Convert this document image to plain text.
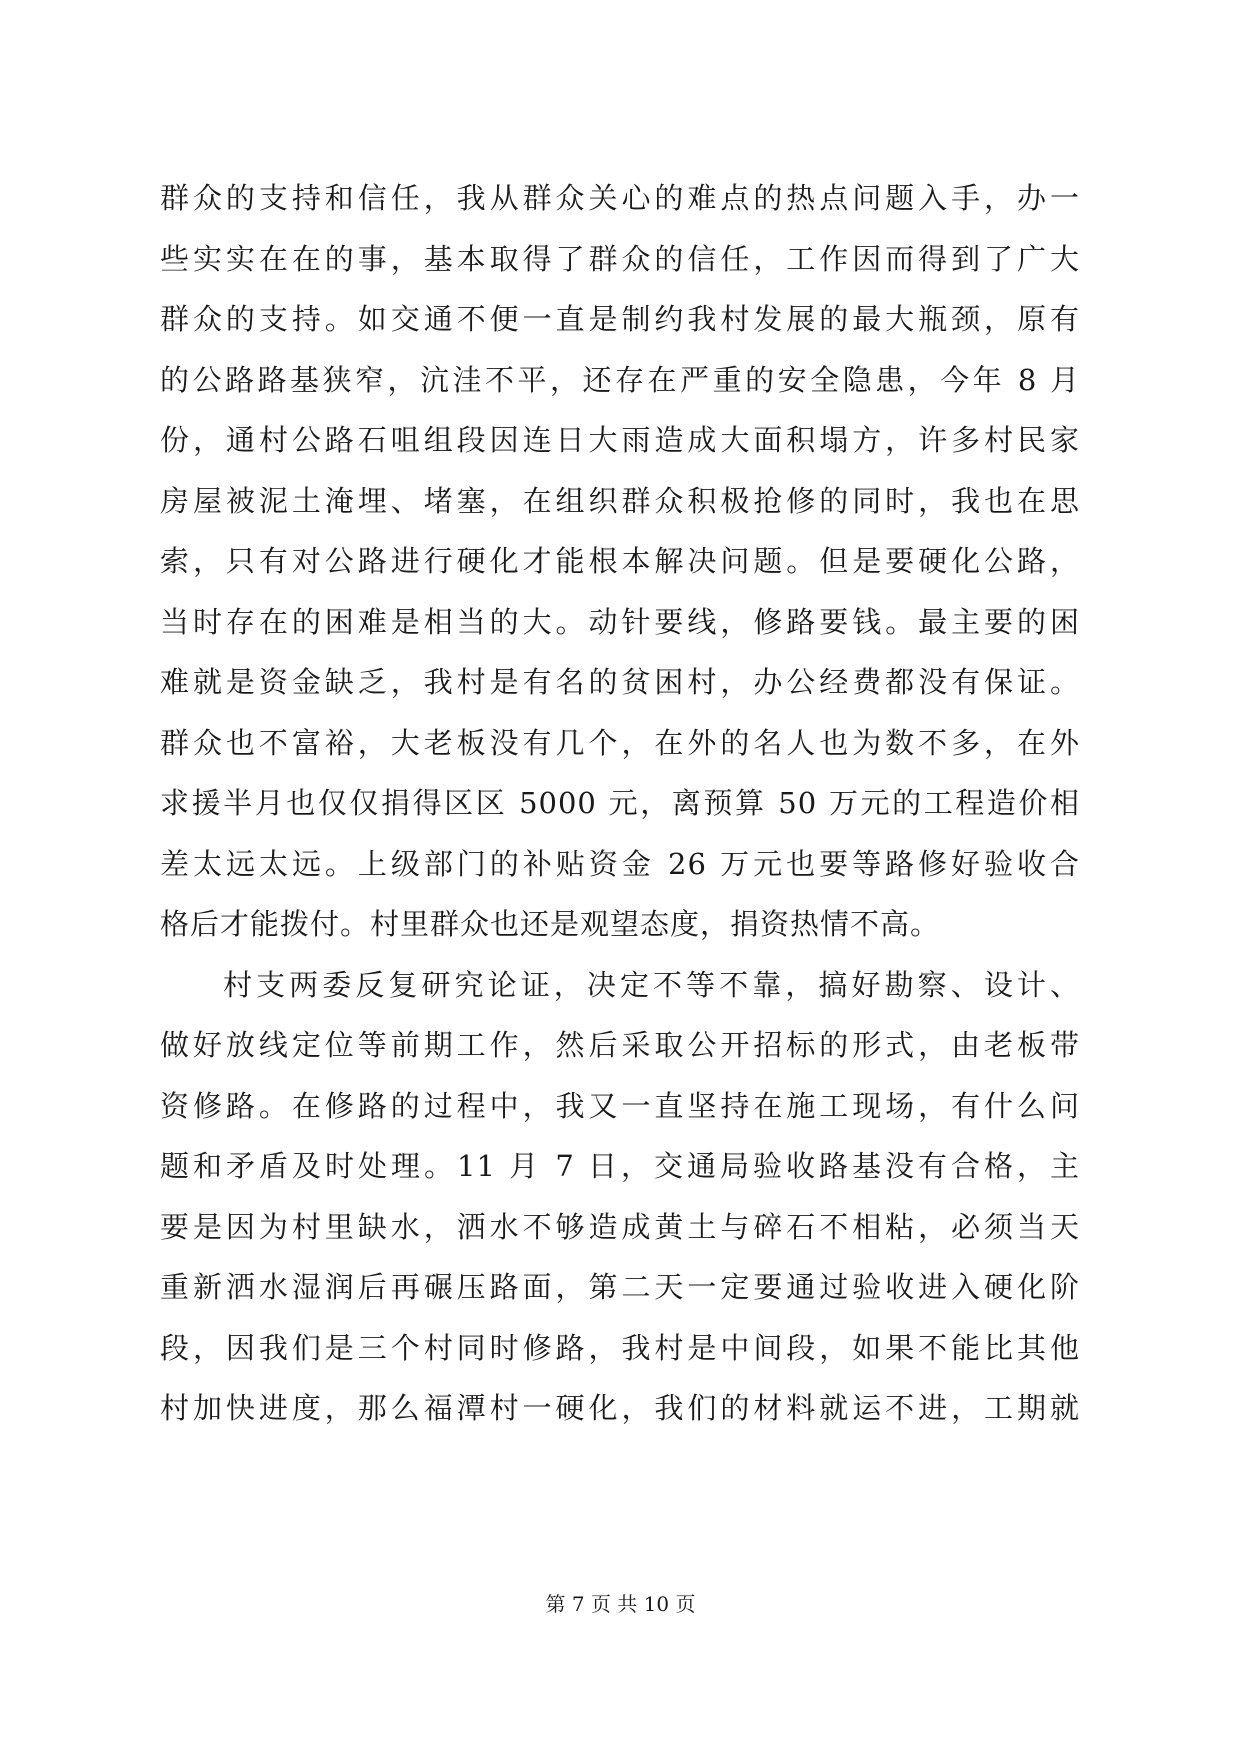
群众的支持和信任，我从群众关心的难点的热点问题入手，办一
些实实在在的事，基本取得了群众的信任，工作因而得到了广大
群众的支持。如交通不便一直是制约我村发展的最大瓶颈，原有
的公路路基狭窄，沆洼不平，还存在严重的安全隐患，今年 8 月
份，通村公路石咀组段因连日大雨造成大面积塌方，许多村民家
房屋被泥土淹埋、堵塞，在组织群众积极抢修的同时，我也在思
索，只有对公路进行硬化才能根本解决问题。但是要硬化公路，
当时存在的困难是相当的大。动针要线，修路要钱。最主要的困
难就是资金缺乏，我村是有名的贫困村，办公经费都没有保证。
群众也不富裕，大老板没有几个，在外的名人也为数不多，在外
求援半月也仅仅捐得区区 5000 元，离预算 50 万元的工程造价相
差太远太远。上级部门的补贴资金 26 万元也要等路修好验收合
格后才能拨付。村里群众也还是观望态度，捐资热情不高。
村支两委反复研究论证，决定不等不靠，搞好勘察、设计、
做好放线定位等前期工作，然后采取公开招标的形式，由老板带
资修路。在修路的过程中，我又一直坚持在施工现场，有什么问
题和矛盾及时处理。11 月 7 日，交通局验收路基没有合格，主
要是因为村里缺水，洒水不够造成黄土与碎石不相粘，必须当天
重新洒水湿润后再碾压路面，第二天一定要通过验收进入硬化阶
段，因我们是三个村同时修路，我村是中间段，如果不能比其他
村加快进度，那么福潭村一硬化，我们的材料就运不进，工期就
第 7 页 共 10 页
